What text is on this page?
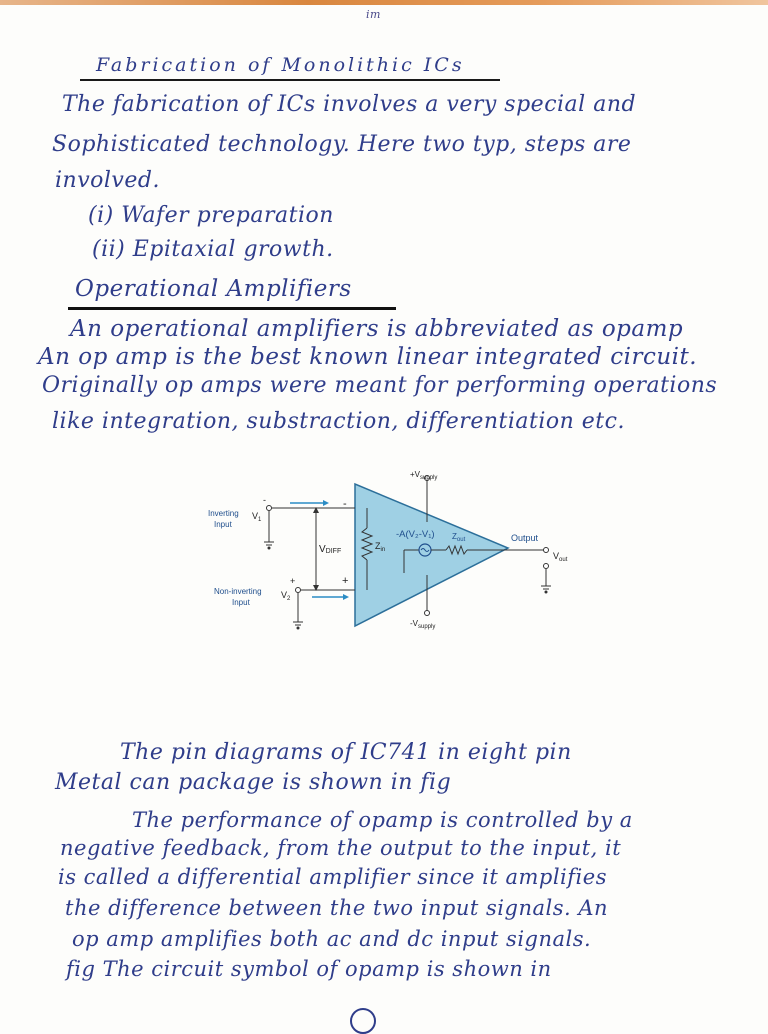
im
Fabrication of Monolithic ICs
The fabrication of ICs involves a very special and
Sophisticated technology. Here two typ, steps are
involved.
(i) Wafer preparation
(ii) Epitaxial growth.
Operational Amplifiers
An operational amplifiers is abbreviated as opamp
An op amp is the best known linear integrated circuit.
Originally op amps were meant for performing operations
like integration, substraction, differentiation etc.
$+V_{supply}$
$-V_{supply}$
Inverting
Input
$V_1$
-	-
Non-inverting
Input
$V_2$
+	+
VDIFF
$Z_{in}$
-A(V₂-V₁) $Z_{out}$	Output
$V_{out}$
The pin diagrams of IC741 in eight pin
Metal can package is shown in fig
The performance of opamp is controlled by a
negative feedback, from the output to the input, it
is called a differential amplifier since it amplifies
the difference between the two input signals. An
op amp amplifies both ac and dc input signals.
fig The circuit symbol of opamp is shown in
